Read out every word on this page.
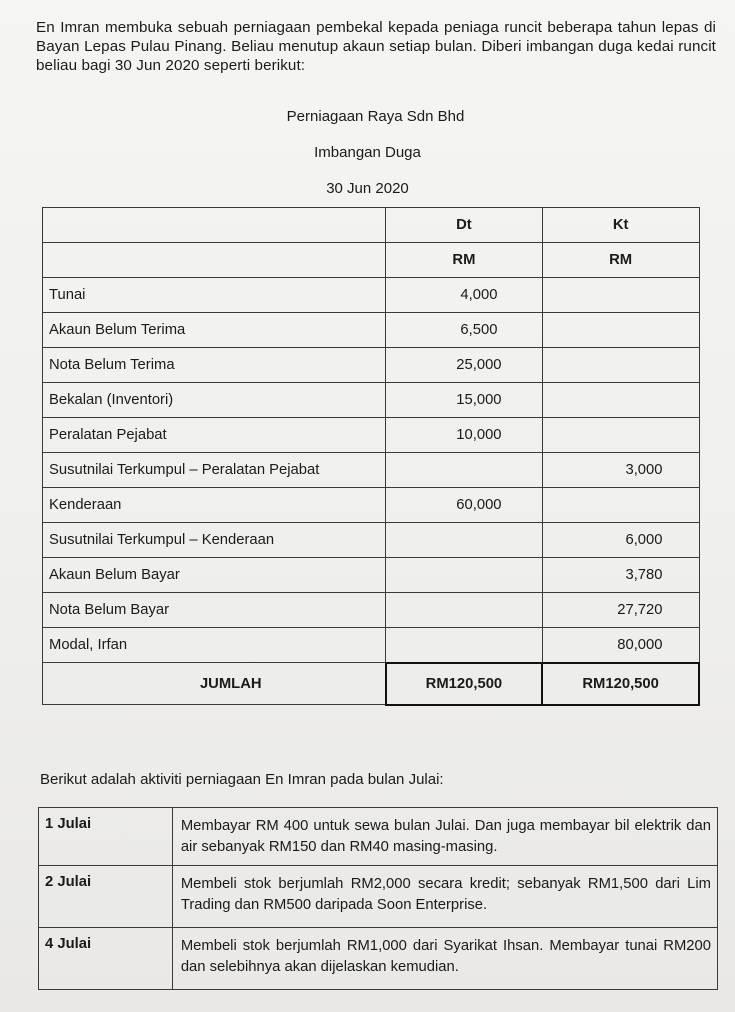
En Imran membuka sebuah perniagaan pembekal kepada peniaga runcit beberapa tahun lepas di Bayan Lepas Pulau Pinang. Beliau menutup akaun setiap bulan. Diberi imbangan duga kedai runcit beliau bagi 30 Jun 2020 seperti berikut:
Perniagaan Raya Sdn Bhd
Imbangan Duga
30 Jun 2020
	Dt	Kt
	RM	RM
Tunai	4,000	
Akaun Belum Terima	6,500	
Nota Belum Terima	25,000	
Bekalan (Inventori)	15,000	
Peralatan Pejabat	10,000	
Susutnilai Terkumpul – Peralatan Pejabat		3,000
Kenderaan	60,000	
Susutnilai Terkumpul – Kenderaan		6,000
Akaun Belum Bayar		3,780
Nota Belum Bayar		27,720
Modal, Irfan		80,000
JUMLAH	RM120,500	RM120,500
Berikut adalah aktiviti perniagaan En Imran pada bulan Julai:
1 Julai	Membayar RM 400 untuk sewa bulan Julai. Dan juga membayar bil elektrik dan air sebanyak RM150 dan RM40 masing-masing.
2 Julai	Membeli stok berjumlah RM2,000 secara kredit; sebanyak RM1,500 dari Lim Trading dan RM500 daripada Soon Enterprise.
4 Julai	Membeli stok berjumlah RM1,000 dari Syarikat Ihsan. Membayar tunai RM200 dan selebihnya akan dijelaskan kemudian.
